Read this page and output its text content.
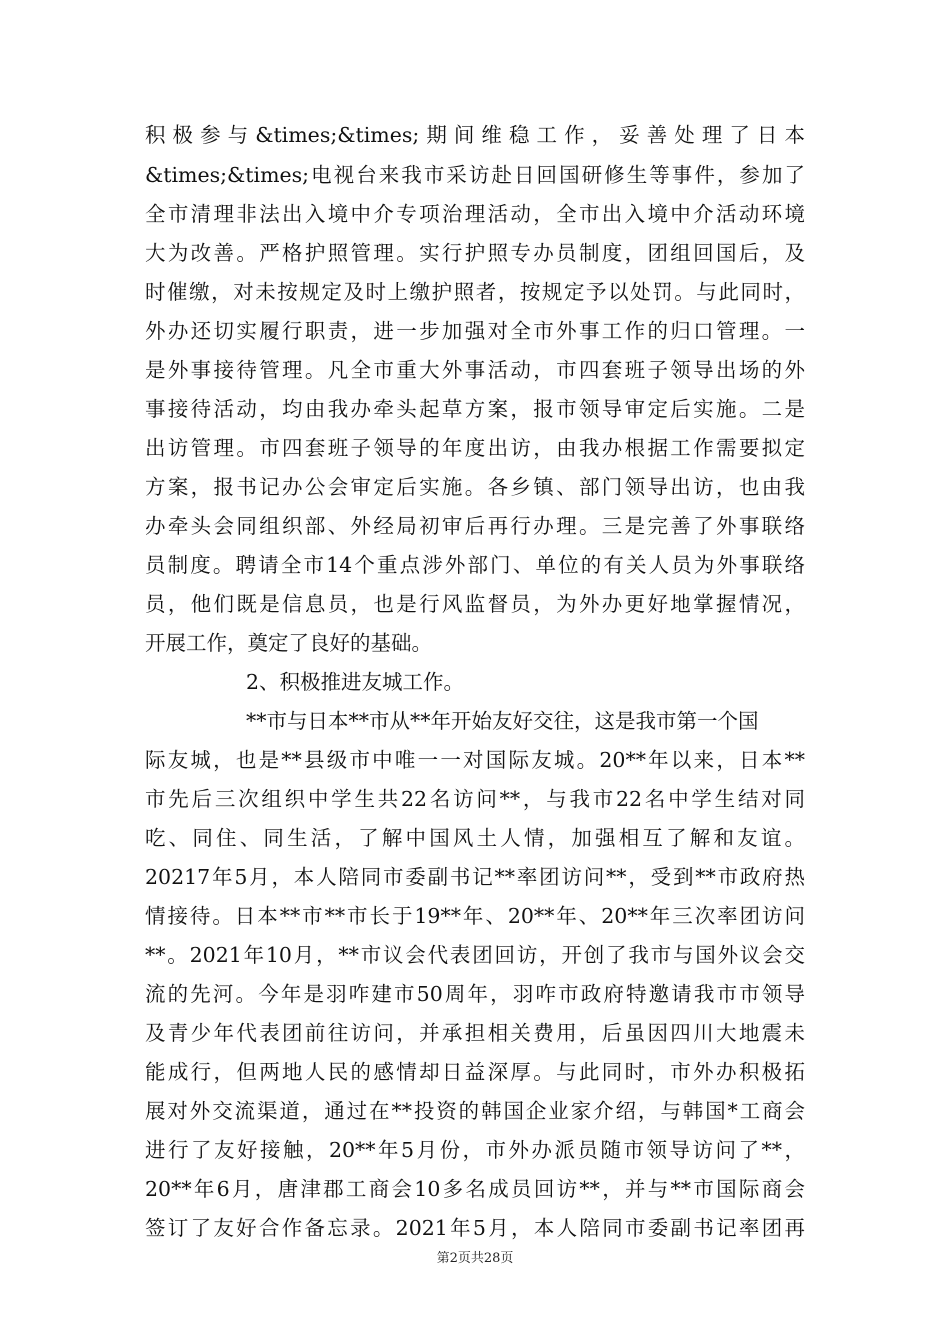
积极参与&times;&times;期间维稳工作，妥善处理了日本
&times;&times;电视台来我市采访赴日回国研修生等事件，参加了
全市清理非法出入境中介专项治理活动，全市出入境中介活动环境
大为改善。严格护照管理。实行护照专办员制度，团组回国后，及
时催缴，对未按规定及时上缴护照者，按规定予以处罚。与此同时，
外办还切实履行职责，进一步加强对全市外事工作的归口管理。一
是外事接待管理。凡全市重大外事活动，市四套班子领导出场的外
事接待活动，均由我办牵头起草方案，报市领导审定后实施。二是
出访管理。市四套班子领导的年度出访，由我办根据工作需要拟定
方案，报书记办公会审定后实施。各乡镇、部门领导出访，也由我
办牵头会同组织部、外经局初审后再行办理。三是完善了外事联络
员制度。聘请全市14个重点涉外部门、单位的有关人员为外事联络
员，他们既是信息员，也是行风监督员，为外办更好地掌握情况，
开展工作，奠定了良好的基础。
2、积极推进友城工作。
**市与日本**市从**年开始友好交往，这是我市第一个国
际友城，也是**县级市中唯一一对国际友城。20**年以来，日本**
市先后三次组织中学生共22名访问**，与我市22名中学生结对同
吃、同住、同生活，了解中国风土人情，加强相互了解和友谊。
20217年5月，本人陪同市委副书记**率团访问**，受到**市政府热
情接待。日本**市**市长于19**年、20**年、20**年三次率团访问
**。2021年10月，**市议会代表团回访，开创了我市与国外议会交
流的先河。今年是羽咋建市50周年，羽咋市政府特邀请我市市领导
及青少年代表团前往访问，并承担相关费用，后虽因四川大地震未
能成行，但两地人民的感情却日益深厚。与此同时，市外办积极拓
展对外交流渠道，通过在**投资的韩国企业家介绍，与韩国*工商会
进行了友好接触，20**年5月份，市外办派员随市领导访问了**，
20**年6月，唐津郡工商会10多名成员回访**，并与**市国际商会
签订了友好合作备忘录。2021年5月，本人陪同市委副书记率团再
第2页共28页
